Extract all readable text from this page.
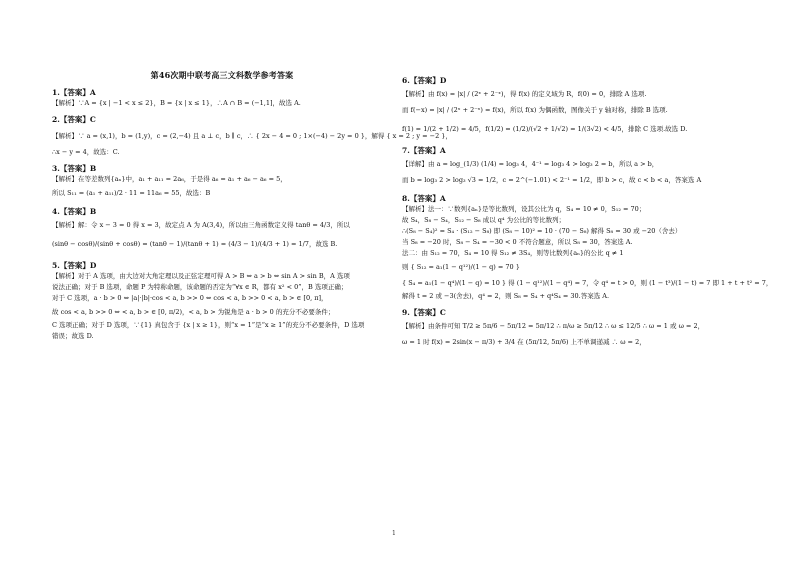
第46次期中联考高三文科数学参考答案
1.【答案】A
【解析】∵A = {x | −1 < x ≤ 2}，B = {x | x ≤ 1}，∴A ∩ B = (−1,1]，故选 A.
2.【答案】C
【解析】∵ a = (x,1)，b = (1,y)，c = (2,−4) 且 a ⊥ c，b ∥ c，∴ { 2x − 4 = 0 ; 1×(−4) − 2y = 0 }，解得 { x = 2 ; y = −2 }，
∴x − y = 4，故选：C.
3.【答案】B
【解析】在等差数列{aₙ}中，a₁ + a₁₁ = 2a₆，于是得 a₆ = a₁ + a₆ − a₆ = 5，
所以 S₁₁ = (a₁ + a₁₁)/2 · 11 = 11a₆ = 55，故选：B
4.【答案】B
【解析】解：令 x − 3 = 0 得 x = 3，故定点 A 为 A(3,4)，所以由三角函数定义得 tanθ = 4/3，所以
(sinθ − cosθ)/(sinθ + cosθ) = (tanθ − 1)/(tanθ + 1) = (4/3 − 1)/(4/3 + 1) = 1/7，故选 B.
5.【答案】D
【解析】对于 A 选项，由大边对大角定理以及正弦定理可得 A > B ⇔ a > b ⇔ sin A > sin B，A 选项
说法正确；对于 B 选项，命题 P 为特称命题，该命题的否定为“∀x ∈ R，都有 x² < 0”，B 选项正确；
对于 C 选项，a · b > 0 ⇔ |a|·|b|·cos < a, b >> 0 ⇔ cos < a, b >> 0 < a, b > ∈ [0, π]，
故 cos < a, b >> 0 ⇔ < a, b > ∈ [0, π/2)，< a, b > 为锐角是 a · b > 0 的充分不必要条件；
C 选项正确；对于 D 选项，∵{1} 真包含于 {x | x ≥ 1}，则“x = 1”是“x ≥ 1”的充分不必要条件，D 选项
错误；故选 D.
6.【答案】D
【解析】由 f(x) = |x| / (2ˣ + 2⁻ˣ)，得 f(x) 的定义域为 R，f(0) = 0，排除 A 选项.
而 f(−x) = |x| / (2ˣ + 2⁻ˣ) = f(x)，所以 f(x) 为偶函数，图像关于 y 轴对称，排除 B 选项.
f(1) = 1/(2 + 1/2) = 4/5，f(1/2) = (1/2)/(√2 + 1/√2) = 1/(3√2) < 4/5，排除 C 选项.故选 D.
7.【答案】A
【详解】由 a = log_(1/3) (1/4) = log₃ 4，4⁻¹ = log₃ 4 > log₃ 2 = b，所以 a > b，
而 b = log₃ 2 > log₃ √3 = 1/2，c = 2^(−1.01) < 2⁻¹ = 1/2，即 b > c，故 c < b < a，答案选 A
8.【答案】A
【解析】法一：∵数列{aₙ}是等比数列，设其公比为 q，S₄ = 10 ≠ 0，S₁₂ = 70；
故 S₄，S₈ − S₄，S₁₂ − S₈ 成以 q⁴ 为公比的等比数列；
∴(S₈ − S₄)² = S₄ · (S₁₂ − S₈) 即 (S₈ − 10)² = 10 · (70 − S₈) 解得 S₈ = 30 或 −20（舍去）
当 S₈ = −20 时，S₈ − S₄ = −30 < 0 不符合题意，所以 S₈ = 30，答案选 A.
法二：由 S₁₂ = 70，S₄ = 10 得 S₁₂ ≠ 3S₄，则等比数列{aₙ}的公比 q ≠ 1
则 { S₁₂ = a₁(1 − q¹²)/(1 − q) = 70 }
{ S₄ = a₁(1 − q⁴)/(1 − q) = 10 } 得 (1 − q¹²)/(1 − q⁴) = 7，令 q⁴ = t > 0，则 (1 − t³)/(1 − t) = 7 即 1 + t + t² = 7，
解得 t = 2 或 −3(舍去)，q⁴ = 2，则 S₈ = S₄ + q⁴S₄ = 30.答案选 A.
9.【答案】C
【解析】由条件可知 T/2 ≥ 5π/6 − 5π/12 = 5π/12 ∴ π/ω ≥ 5π/12 ∴ ω ≤ 12/5 ∴ ω = 1 或 ω = 2，
ω = 1 时 f(x) = 2sin(x − π/3) + 3/4 在 (5π/12, 5π/6) 上不单调递减 ∴ ω = 2，
1
